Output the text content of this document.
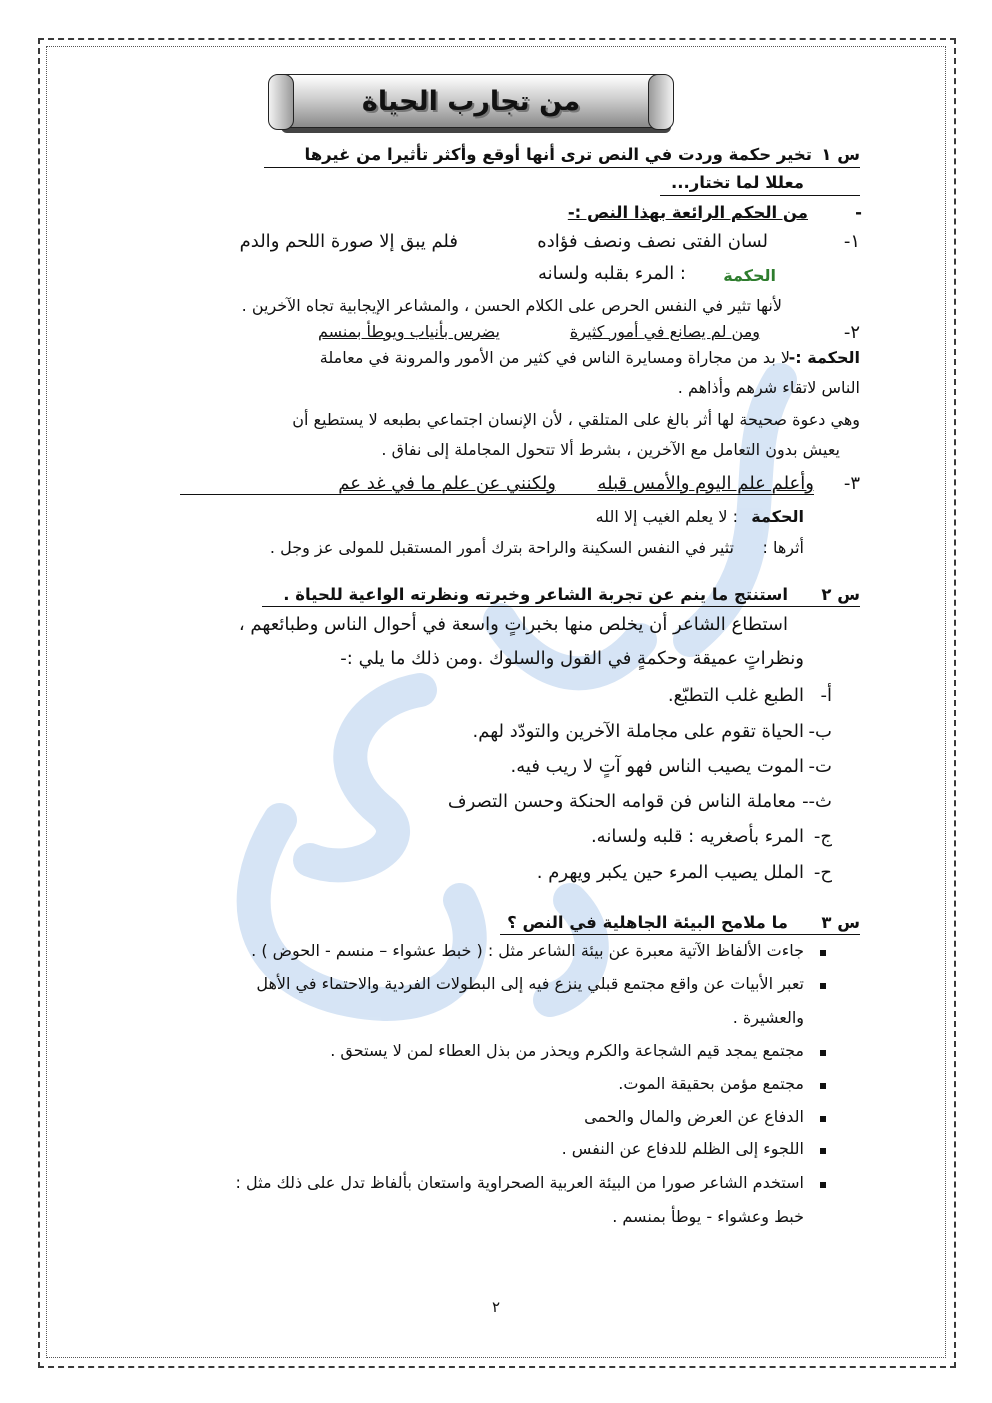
من تجارب الحياة
س ١
تخير حكمة وردت في النص ترى أنها أوقع وأكثر تأثيرا من غيرها
معللا لما تختار...
-
من الحكم الرائعة بهذا النص :-
١-
لسان الفتى نصف ونصف فؤاده
فلم يبق إلا صورة اللحم والدم
الحكمة
: المرء بقلبه ولسانه
لأنها تثير في النفس الحرص على الكلام الحسن ، والمشاعر الإيجابية تجاه الآخرين .
٢-
ومن لم يصانع في أمور كثيرة
يضرس بأنياب ويوطأ بمنسم
الحكمة :-
لا بد من مجاراة ومسايرة الناس في كثير من الأمور والمرونة في معاملة
الناس لاتقاء شرهم وأذاهم .
وهي دعوة صحيحة لها أثر بالغ على المتلقي ، لأن الإنسان اجتماعي بطبعه لا يستطيع أن
يعيش بدون التعامل مع الآخرين ، بشرط ألا تتحول المجاملة إلى نفاق .
٣-
وأعلم علم اليوم والأمس قبله
ولكنني عن علم ما في غد عم
الحكمة
: لا يعلم الغيب إلا الله
أثرها :
تثير في النفس السكينة والراحة بترك أمور المستقبل للمولى عز وجل .
س ٢
استنتج ما ينم عن تجربة الشاعر وخبرته ونظرته الواعية للحياة .
استطاع الشاعر أن يخلص منها بخبراتٍ واسعة في أحوال الناس وطبائعهم ،
ونظراتٍ عميقة وحكمةٍ في القول والسلوك .ومن ذلك ما يلي :-
أ-
الطبع غلب التطبّع.
ب-
الحياة تقوم على مجاملة الآخرين والتودّد لهم.
ت-
الموت يصيب الناس فهو آتٍ لا ريب فيه.
ث--
معاملة الناس فن قوامه الحنكة وحسن التصرف
ج-
المرء بأصغريه : قلبه ولسانه.
ح-
الملل يصيب المرء حين يكبر ويهرم .
س ٣
ما ملامح البيئة الجاهلية في النص ؟
جاءت الألفاظ الآتية معبرة عن بيئة الشاعر مثل : ( خبط عشواء – منسم - الحوض ) .
تعبر الأبيات عن واقع مجتمع قبلي ينزع فيه إلى البطولات الفردية والاحتماء في الأهل
والعشيرة .
مجتمع يمجد قيم الشجاعة والكرم ويحذر من بذل العطاء لمن لا يستحق .
مجتمع مؤمن بحقيقة الموت.
الدفاع عن العرض والمال والحمى
اللجوء إلى الظلم للدفاع عن النفس .
استخدم الشاعر صورا من البيئة العربية الصحراوية واستعان بألفاظ تدل على ذلك مثل :
خبط وعشواء - يوطأ بمنسم .
٢
